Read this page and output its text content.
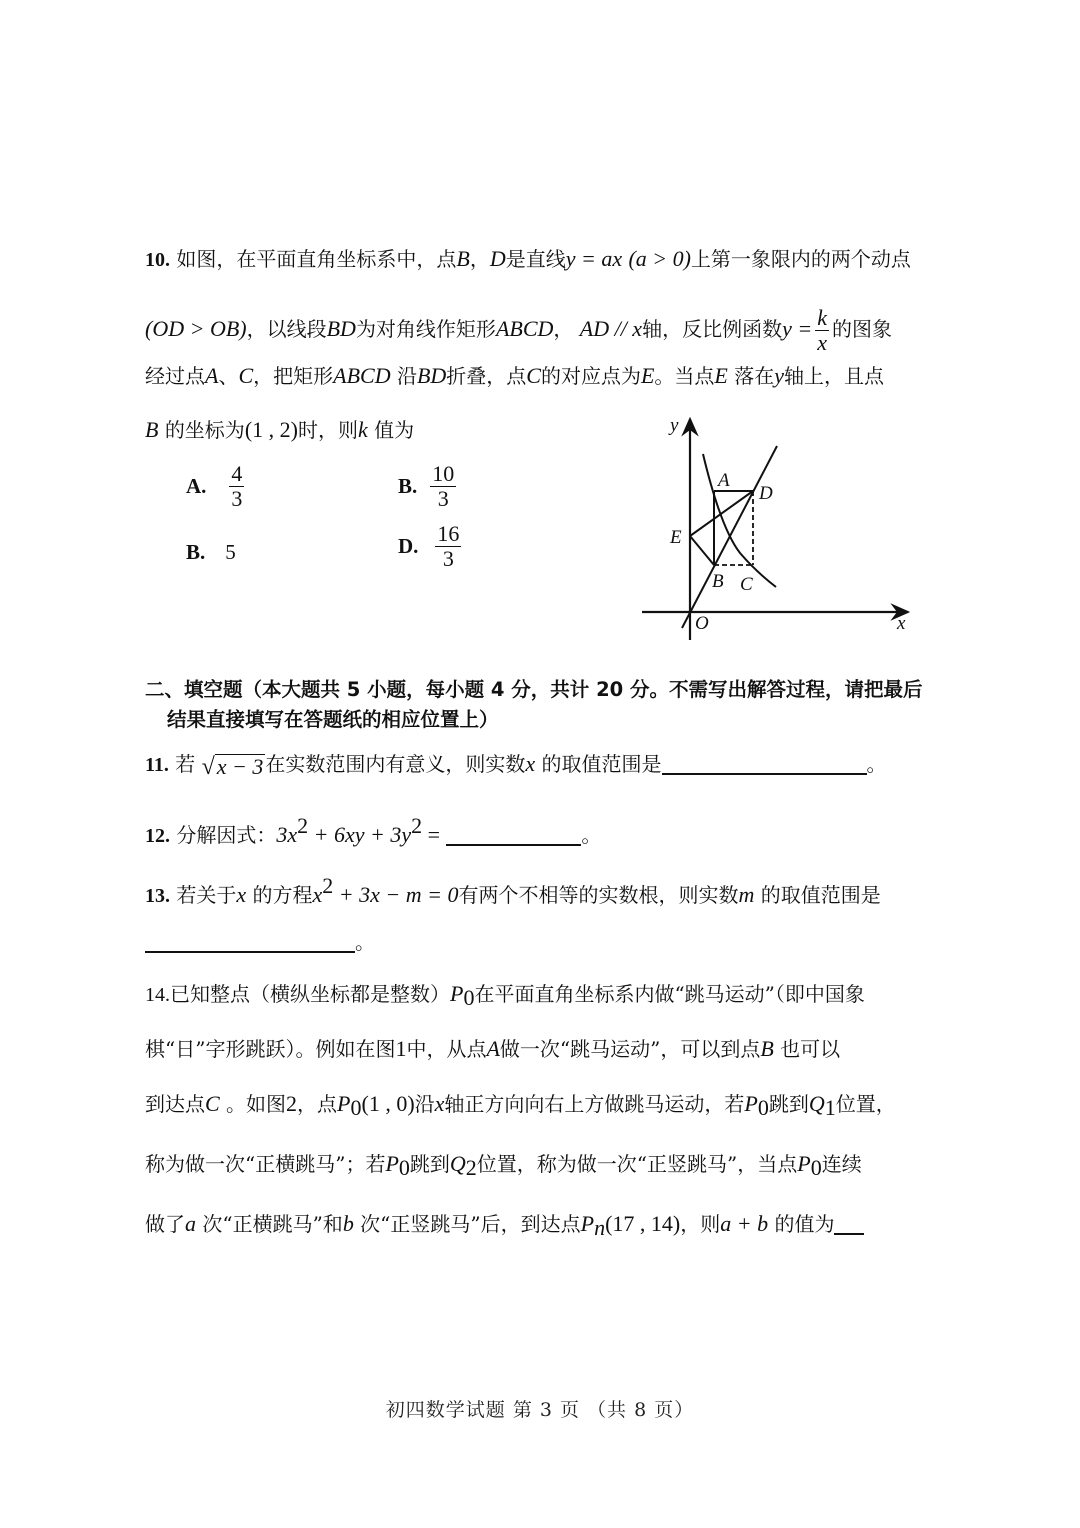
10. 如图，在平面直角坐标系中，点B，D是直线y = ax (a > 0)上第一象限内的两个动点
(OD > OB)，以线段BD为对角线作矩形ABCD， AD // x轴，反比例函数$y = \frac{k}{x}$ 的图象
经过点A、C，把矩形ABCD 沿BD折叠，点C的对应点为E。当点E 落在y轴上，且点
B 的坐标为(1 , 2)时，则k 值为
A. $\frac{4}{3}$	B. $\frac{10}{3}$
B. 5	D. $\frac{16}{3}$
y
x
O
A
D
E
B C
二、填空题（本大题共 5 小题，每小题 4 分，共计 20 分。不需写出解答过程，请把最后
结果直接填写在答题纸的相应位置上）
11. 若 √ x − 3 在实数范围内有意义，则实数x 的取值范围是	。
12. 分解因式：$3x^2 + 6xy + 3y^2$ =	。
13. 若关于x 的方程$x^2 + 3x - m = 0$有两个不相等的实数根，则实数m 的取值范围是
。
14.已知整点（横纵坐标都是整数）$P_0$在平面直角坐标系内做“跳马运动”（即中国象
棋“日”字形跳跃）。例如在图1中，从点A做一次“跳马运动”，可以到点B 也可以
到达点C 。如图2，点$P_0(1$ , 0)沿x轴正方向向右上方做跳马运动，若$P_0$跳到$Q_1$位置，
称为做一次“正横跳马”；若$P_0$跳到$Q_2$位置，称为做一次“正竖跳马”，当点$P_0$连续
做了a 次“正横跳马”和b 次“正竖跳马”后，到达点$P_n(17$ , 14)，则a + b 的值为
初四数学试题 第 3 页 （共 8 页）
